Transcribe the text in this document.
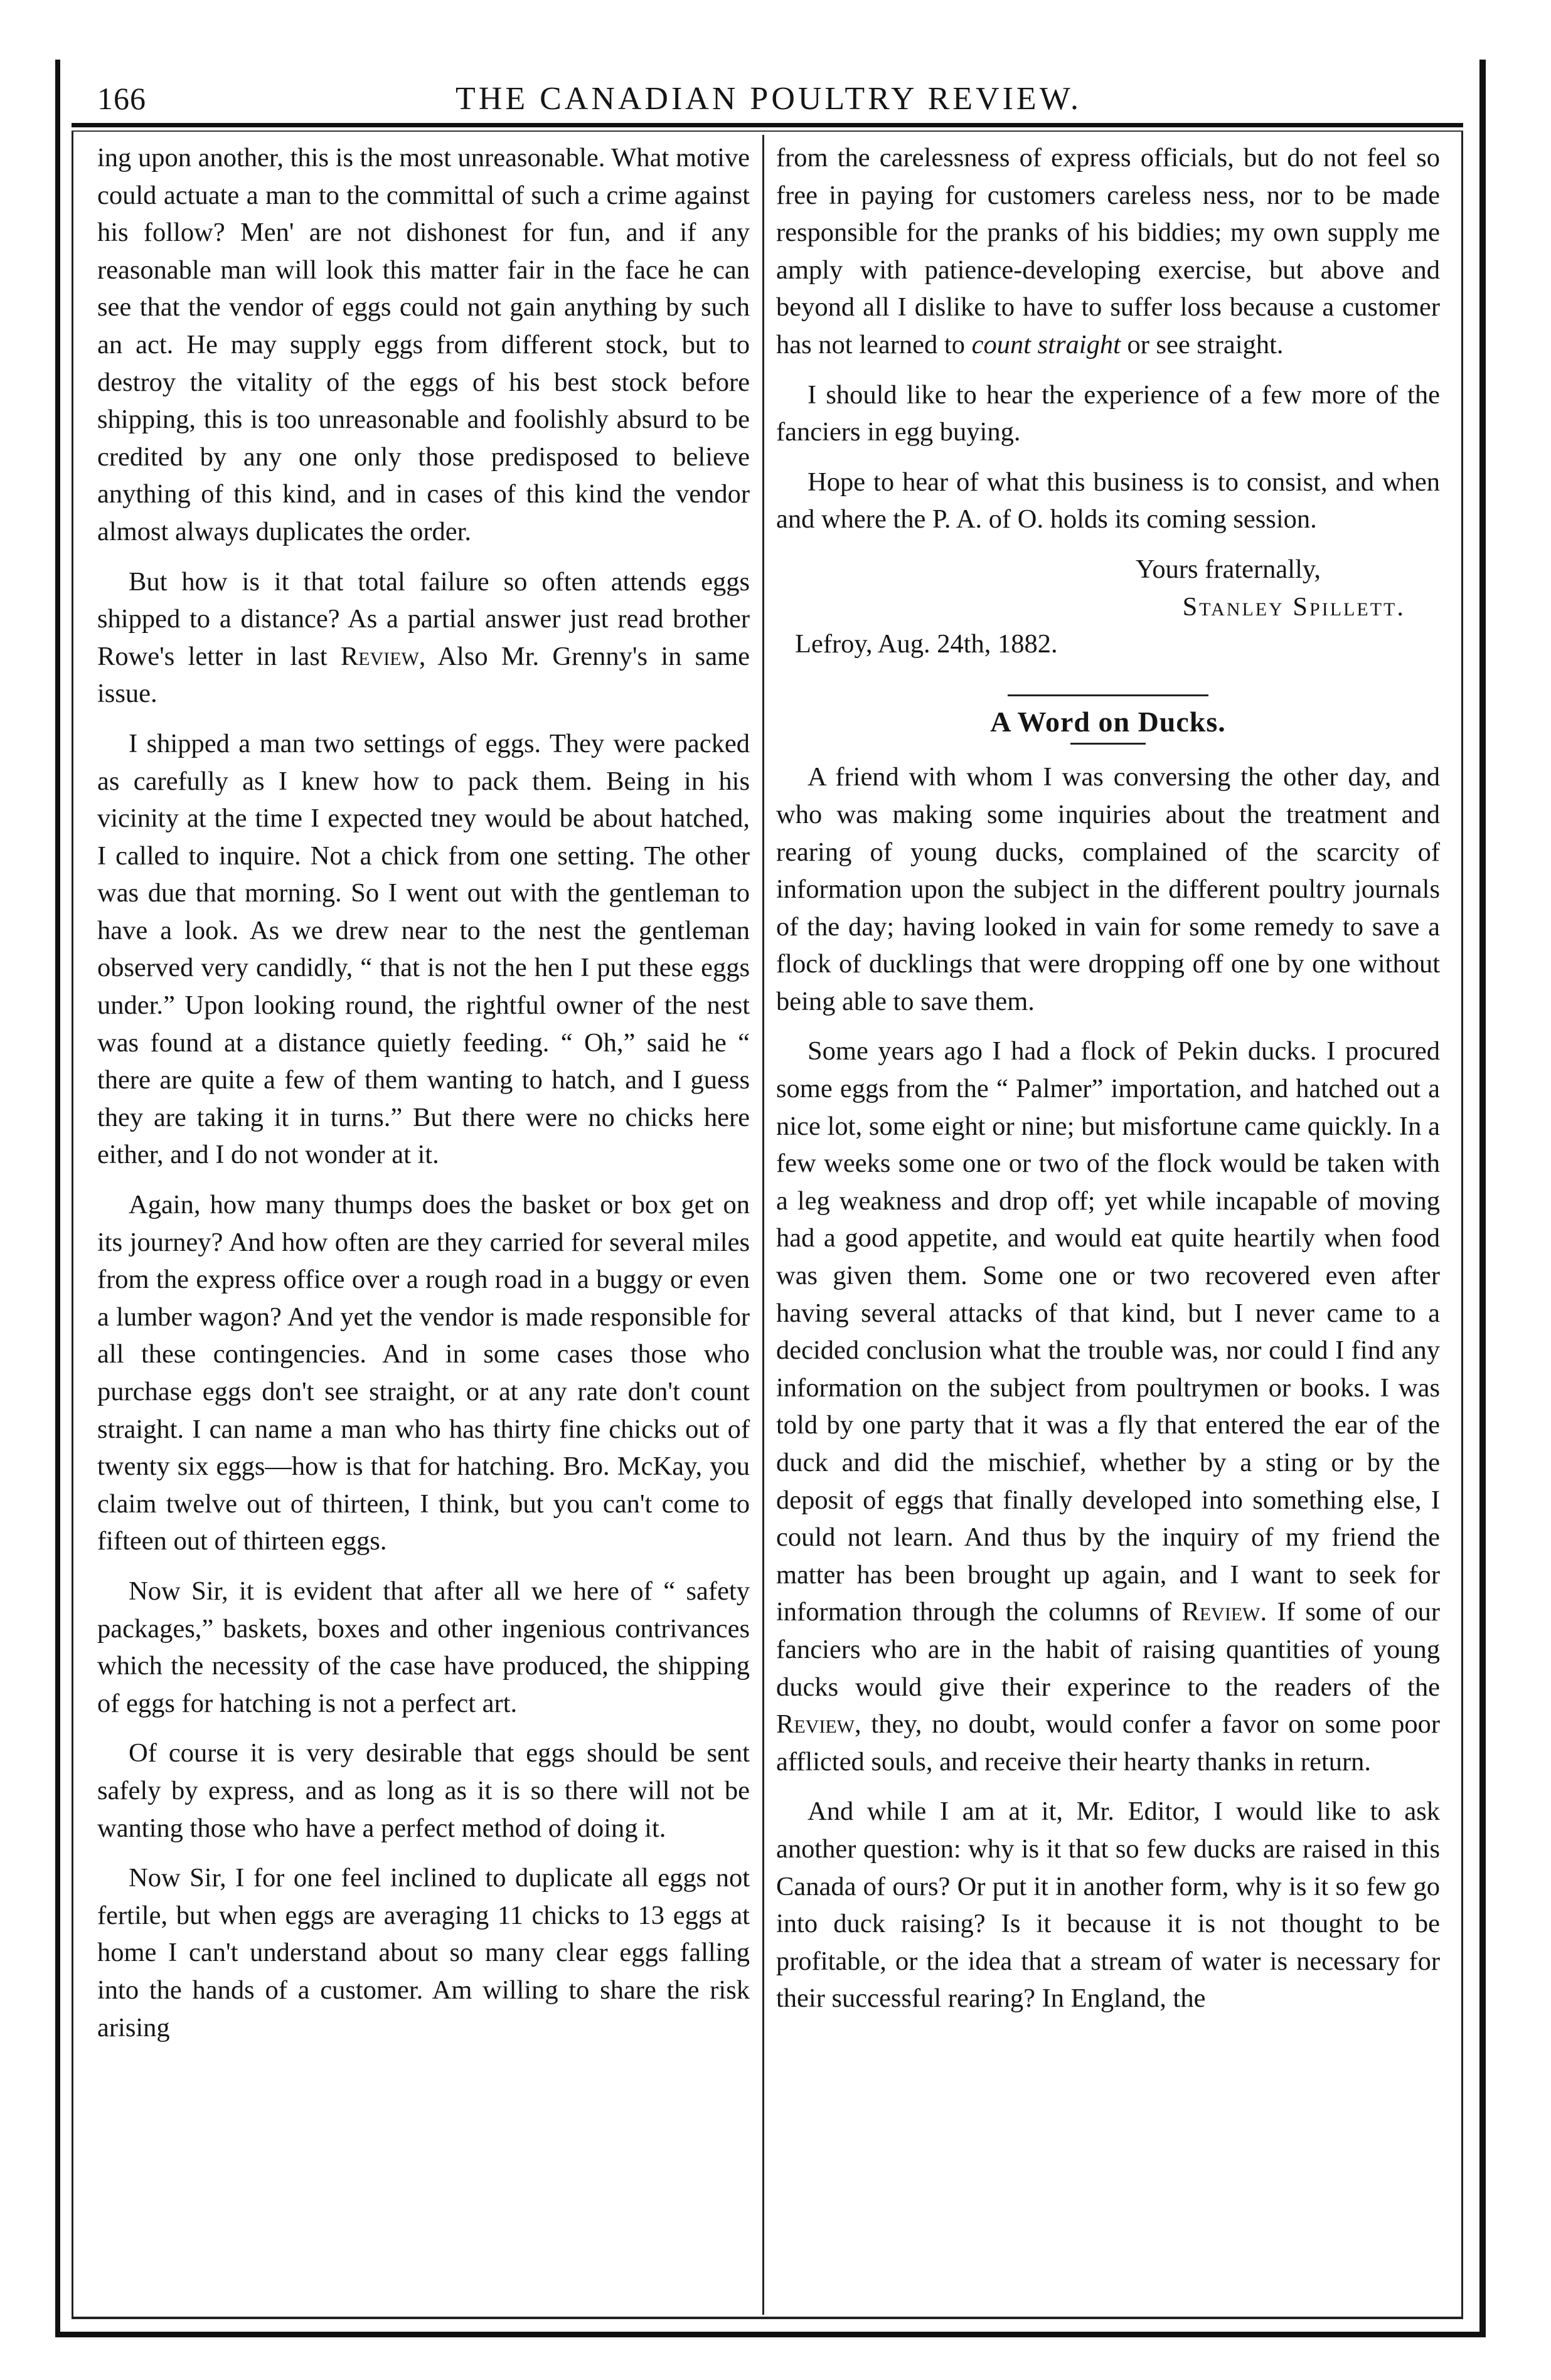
166	THE CANADIAN POULTRY REVIEW.

ing upon another, this is the most unreasonable. What motive could actuate a man to the committal of such a crime against his follow? Men' are not dishonest for fun, and if any reasonable man will look this matter fair in the face he can see that the vendor of eggs could not gain anything by such an act. He may supply eggs from different stock, but to destroy the vitality of the eggs of his best stock before shipping, this is too unreasonable and foolishly absurd to be credited by any one only those predisposed to believe anything of this kind, and in cases of this kind the vendor almost always duplicates the order.

But how is it that total failure so often attends eggs shipped to a distance? As a partial answer just read brother Rowe's letter in last Review, Also Mr. Grenny's in same issue.

I shipped a man two settings of eggs. They were packed as carefully as I knew how to pack them. Being in his vicinity at the time I expected tney would be about hatched, I called to inquire. Not a chick from one setting. The other was due that morning. So I went out with the gentleman to have a look. As we drew near to the nest the gentleman observed very candidly, “ that is not the hen I put these eggs under.” Upon looking round, the rightful owner of the nest was found at a distance quietly feeding. “ Oh,” said he “ there are quite a few of them wanting to hatch, and I guess they are taking it in turns.” But there were no chicks here either, and I do not wonder at it.

Again, how many thumps does the basket or box get on its journey? And how often are they carried for several miles from the express office over a rough road in a buggy or even a lumber wagon? And yet the vendor is made responsible for all these contingencies. And in some cases those who purchase eggs don't see straight, or at any rate don't count straight. I can name a man who has thirty fine chicks out of twenty six eggs—how is that for hatching. Bro. McKay, you claim twelve out of thirteen, I think, but you can't come to fifteen out of thirteen eggs.

Now Sir, it is evident that after all we here of “ safety packages,” baskets, boxes and other ingenious contrivances which the necessity of the case have produced, the shipping of eggs for hatching is not a perfect art.

Of course it is very desirable that eggs should be sent safely by express, and as long as it is so there will not be wanting those who have a perfect method of doing it.

Now Sir, I for one feel inclined to duplicate all eggs not fertile, but when eggs are averaging 11 chicks to 13 eggs at home I can't understand about so many clear eggs falling into the hands of a customer. Am willing to share the risk arising

from the carelessness of express officials, but do not feel so free in paying for customers careless ness, nor to be made responsible for the pranks of his biddies; my own supply me amply with patience-developing exercise, but above and beyond all I dislike to have to suffer loss because a customer has not learned to count straight or see straight.

I should like to hear the experience of a few more of the fanciers in egg buying.

Hope to hear of what this business is to consist, and when and where the P. A. of O. holds its coming session.

Yours fraternally,
Stanley Spillett.
Lefroy, Aug. 24th, 1882.
A Word on Ducks.

A friend with whom I was conversing the other day, and who was making some inquiries about the treatment and rearing of young ducks, complained of the scarcity of information upon the subject in the different poultry journals of the day; having looked in vain for some remedy to save a flock of ducklings that were dropping off one by one without being able to save them.

Some years ago I had a flock of Pekin ducks. I procured some eggs from the “ Palmer” importation, and hatched out a nice lot, some eight or nine; but misfortune came quickly. In a few weeks some one or two of the flock would be taken with a leg weakness and drop off; yet while incapable of moving had a good appetite, and would eat quite heartily when food was given them. Some one or two recovered even after having several attacks of that kind, but I never came to a decided conclusion what the trouble was, nor could I find any information on the subject from poultrymen or books. I was told by one party that it was a fly that entered the ear of the duck and did the mischief, whether by a sting or by the deposit of eggs that finally developed into something else, I could not learn. And thus by the inquiry of my friend the matter has been brought up again, and I want to seek for information through the columns of Review. If some of our fanciers who are in the habit of raising quantities of young ducks would give their experince to the readers of the Review, they, no doubt, would confer a favor on some poor afflicted souls, and receive their hearty thanks in return.

And while I am at it, Mr. Editor, I would like to ask another question: why is it that so few ducks are raised in this Canada of ours? Or put it in another form, why is it so few go into duck raising? Is it because it is not thought to be profitable, or the idea that a stream of water is necessary for their successful rearing? In England, the
